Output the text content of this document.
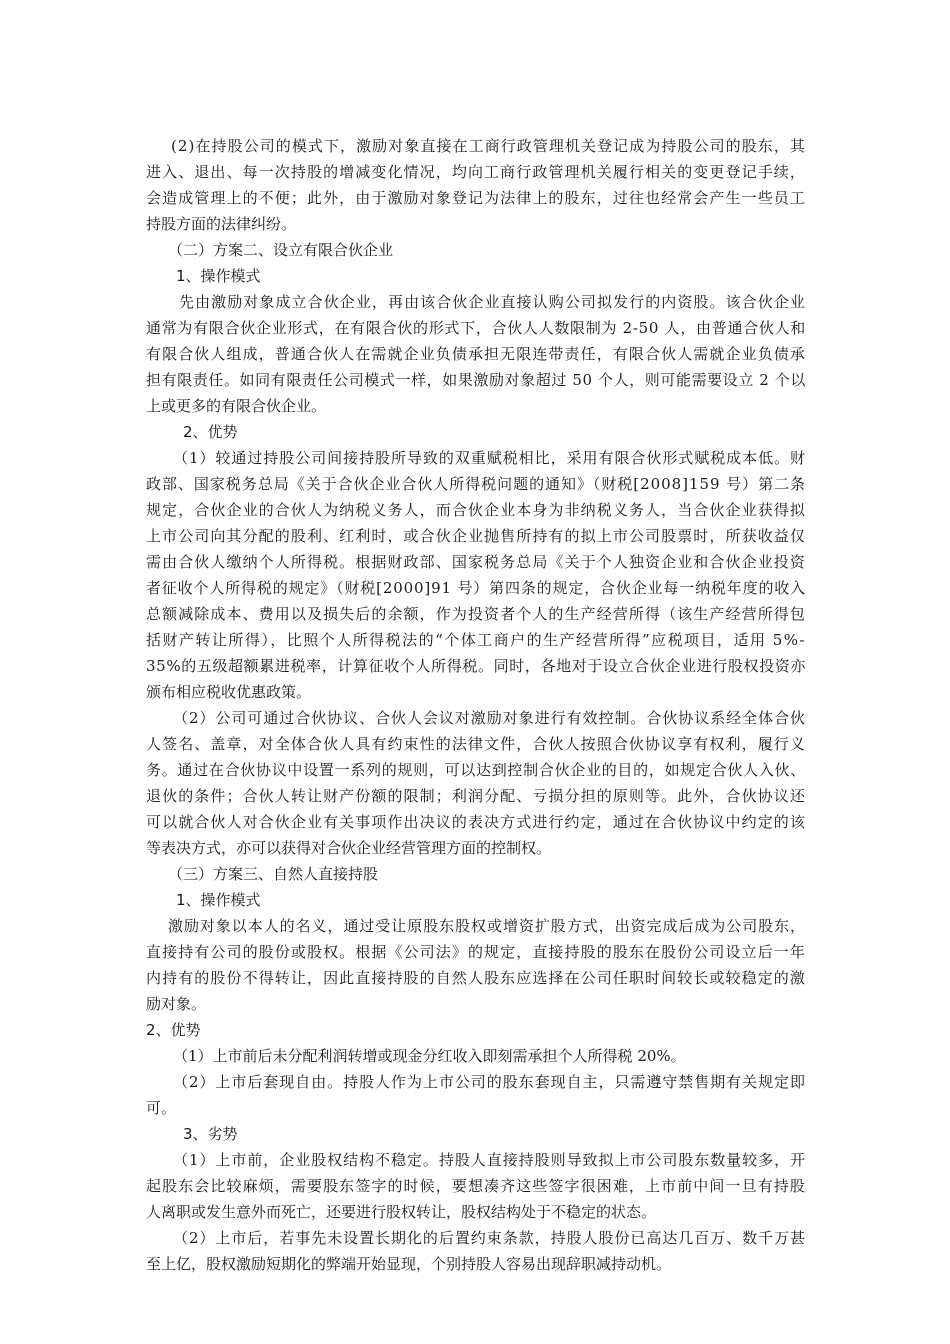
(2)在持股公司的模式下，激励对象直接在工商行政管理机关登记成为持股公司的股东，其
进入、退出、每一次持股的增减变化情况，均向工商行政管理机关履行相关的变更登记手续，
会造成管理上的不便；此外，由于激励对象登记为法律上的股东，过往也经常会产生一些员工
持股方面的法律纠纷。
（二）方案二、设立有限合伙企业
1、操作模式
先由激励对象成立合伙企业，再由该合伙企业直接认购公司拟发行的内资股。该合伙企业
通常为有限合伙企业形式，在有限合伙的形式下，合伙人人数限制为 2-50 人，由普通合伙人和
有限合伙人组成，普通合伙人在需就企业负债承担无限连带责任，有限合伙人需就企业负债承
担有限责任。如同有限责任公司模式一样，如果激励对象超过 50 个人，则可能需要设立 2 个以
上或更多的有限合伙企业。
2、优势
（1）较通过持股公司间接持股所导致的双重赋税相比，采用有限合伙形式赋税成本低。财
政部、国家税务总局《关于合伙企业合伙人所得税问题的通知》（财税[2008]159 号）第二条
规定，合伙企业的合伙人为纳税义务人，而合伙企业本身为非纳税义务人，当合伙企业获得拟
上市公司向其分配的股利、红利时，或合伙企业抛售所持有的拟上市公司股票时，所获收益仅
需由合伙人缴纳个人所得税。根据财政部、国家税务总局《关于个人独资企业和合伙企业投资
者征收个人所得税的规定》（财税[2000]91 号）第四条的规定，合伙企业每一纳税年度的收入
总额减除成本、费用以及损失后的余额，作为投资者个人的生产经营所得（该生产经营所得包
括财产转让所得），比照个人所得税法的“个体工商户的生产经营所得”应税项目，适用 5%-
35%的五级超额累进税率，计算征收个人所得税。同时，各地对于设立合伙企业进行股权投资亦
颁布相应税收优惠政策。
（2）公司可通过合伙协议、合伙人会议对激励对象进行有效控制。合伙协议系经全体合伙
人签名、盖章，对全体合伙人具有约束性的法律文件，合伙人按照合伙协议享有权利，履行义
务。通过在合伙协议中设置一系列的规则，可以达到控制合伙企业的目的，如规定合伙人入伙、
退伙的条件；合伙人转让财产份额的限制；利润分配、亏损分担的原则等。此外，合伙协议还
可以就合伙人对合伙企业有关事项作出决议的表决方式进行约定，通过在合伙协议中约定的该
等表决方式，亦可以获得对合伙企业经营管理方面的控制权。
（三）方案三、自然人直接持股
1、操作模式
激励对象以本人的名义，通过受让原股东股权或增资扩股方式，出资完成后成为公司股东，
直接持有公司的股份或股权。根据《公司法》的规定，直接持股的股东在股份公司设立后一年
内持有的股份不得转让，因此直接持股的自然人股东应选择在公司任职时间较长或较稳定的激
励对象。
2、优势
（1）上市前后未分配利润转增或现金分红收入即刻需承担个人所得税 20%。
（2）上市后套现自由。持股人作为上市公司的股东套现自主，只需遵守禁售期有关规定即
可。
3、劣势
（1）上市前，企业股权结构不稳定。持股人直接持股则导致拟上市公司股东数量较多，开
起股东会比较麻烦，需要股东签字的时候，要想凑齐这些签字很困难，上市前中间一旦有持股
人离职或发生意外而死亡，还要进行股权转让，股权结构处于不稳定的状态。
（2）上市后，若事先未设置长期化的后置约束条款，持股人股份已高达几百万、数千万甚
至上亿，股权激励短期化的弊端开始显现，个别持股人容易出现辞职减持动机。
